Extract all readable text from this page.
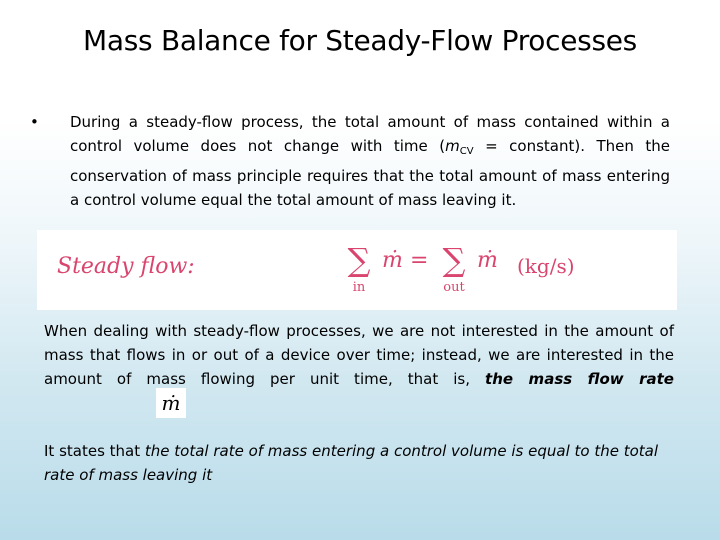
Mass Balance for Steady-Flow Processes
• During a steady-flow process, the total amount of mass contained within a control volume does not change with time ($m_{CV}$ = constant). Then the conservation of mass principle requires that the total amount of mass entering a control volume equal the total amount of mass leaving it.
Steady flow:	∑
in
ṁ = ∑
out
ṁ (kg/s)
When dealing with steady-flow processes, we are not interested in the amount of mass that flows in or out of a device over time; instead, we are interested in the amount of mass flowing per unit time, that is, the mass flow rateṁ
It states that the total rate of mass entering a control volume is equal to the total rate of mass leaving it
